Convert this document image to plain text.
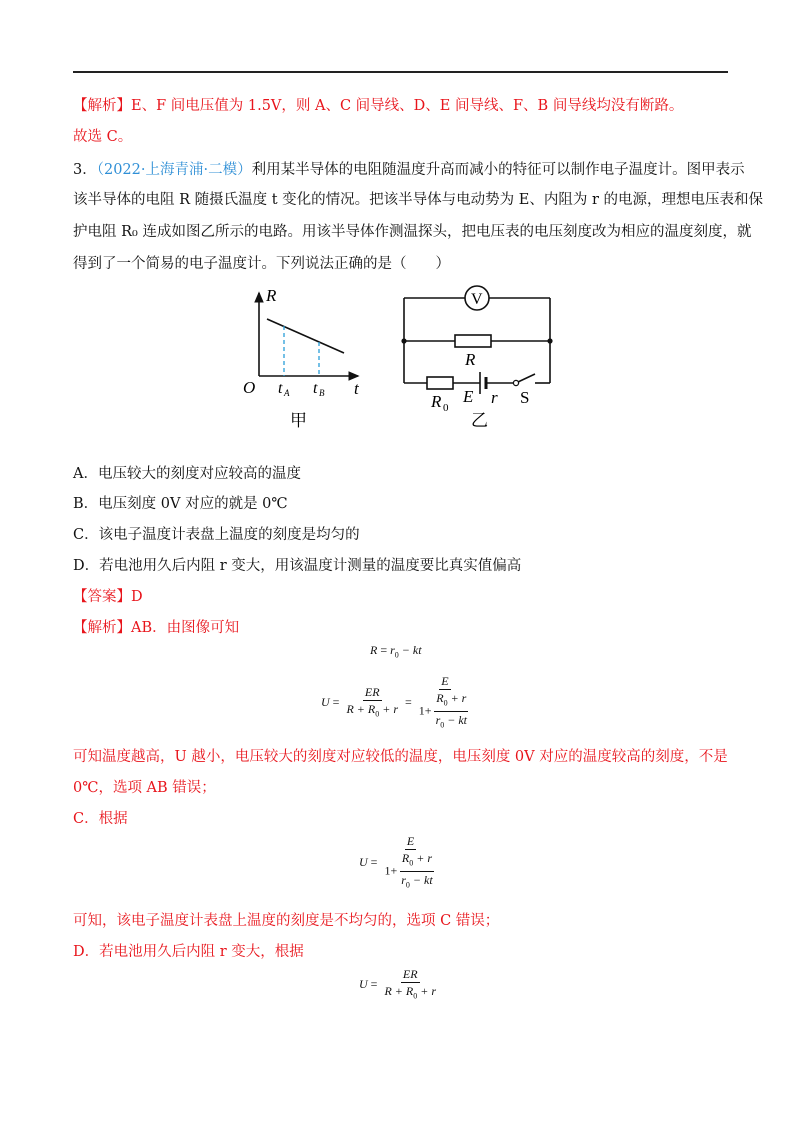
【解析】E、F 间电压值为 1.5V，则 A、C 间导线、D、E 间导线、F、B 间导线均没有断路。
故选 C。
3．（2022·上海青浦·二模）利用某半导体的电阻随温度升高而减小的特征可以制作电子温度计。图甲表示
该半导体的电阻 R 随摄氏温度 t 变化的情况。把该半导体与电动势为 E、内阻为 r 的电源，理想电压表和保
护电阻 R₀ 连成如图乙所示的电路。用该半导体作测温探头，把电压表的电压刻度改为相应的温度刻度，就
得到了一个简易的电子温度计。下列说法正确的是（　　）
R
t
O t A t B
甲
V
R
R 0
E r S
乙
A．电压较大的刻度对应较高的温度
B．电压刻度 0V 对应的就是 0℃
C．该电子温度计表盘上温度的刻度是均匀的
D．若电池用久后内阻 r 变大，用该温度计测量的温度要比真实值偏高
【答案】D
【解析】AB．由图像可知
$R = r_0$ − kt
$U = \frac{ER}{R + R_0 + r} = \frac{E}{1+ \frac{R_0 + r}{r_0 - kt}}$
可知温度越高，U 越小，电压较大的刻度对应较低的温度，电压刻度 0V 对应的温度较高的刻度，不是
0℃，选项 AB 错误；
C．根据
$U = \frac{E}{1+ \frac{R_0 + r}{r_0 - kt}}$
可知，该电子温度计表盘上温度的刻度是不均匀的，选项 C 错误；
D．若电池用久后内阻 r 变大，根据
$U = \frac{ER}{R + R_0 + r}$
